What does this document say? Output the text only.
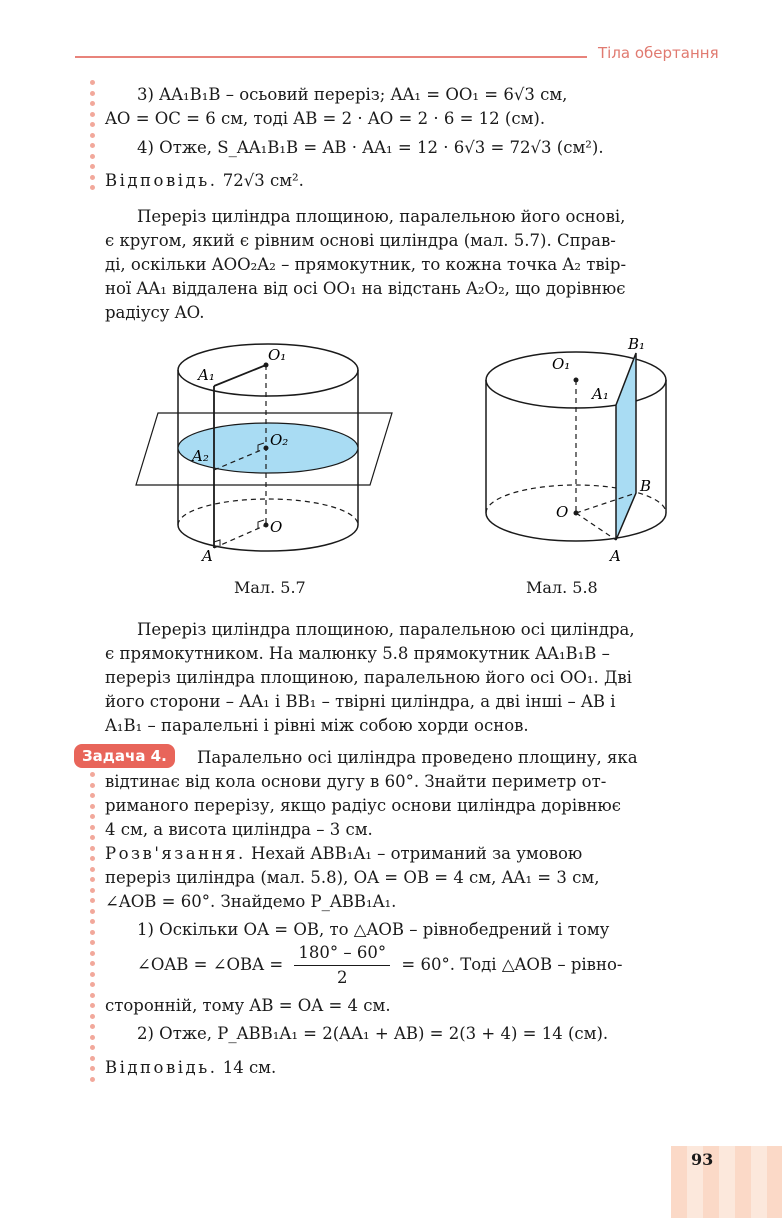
Тіла обертання
3) AA₁B₁B – осьовий переріз; AA₁ = OO₁ = 6√3 см,
AO = OC = 6 см, тоді AB = 2 · AO = 2 · 6 = 12 (см).
4) Отже, S_AA₁B₁B = AB · AA₁ = 12 · 6√3 = 72√3 (см²).
Відповідь. 72√3 см².
Переріз циліндра площиною, паралельною його основі,
є кругом, який є рівним основі циліндра (мал. 5.7). Справ-
ді, оскільки AOO₂A₂ – прямокутник, то кожна точка A₂ твір-
ної AA₁ віддалена від осі OO₁ на відстань A₂O₂, що дорівнює
радіусу AO.
O₁
A₁
O₂
A₂
O
A
Мал. 5.7
B₁
O₁
A₁
B
O
A
Мал. 5.8
Переріз циліндра площиною, паралельною осі циліндра,
є прямокутником. На малюнку 5.8 прямокутник AA₁B₁B –
переріз циліндра площиною, паралельною його осі OO₁. Дві
його сторони – AA₁ і BB₁ – твірні циліндра, а дві інші – AB і
A₁B₁ – паралельні і рівні між собою хорди основ.
Задача 4.	Паралельно осі циліндра проведено площину, яка
відтинає від кола основи дугу в 60°. Знайти периметр от-
риманого перерізу, якщо радіус основи циліндра дорівнює
4 см, а висота циліндра – 3 см.
Розв'язання. Нехай ABB₁A₁ – отриманий за умовою
переріз циліндра (мал. 5.8), OA = OB = 4 см, AA₁ = 3 см,
∠AOB = 60°. Знайдемо P_ABB₁A₁.
1) Оскільки OA = OB, то △AOB – рівнобедрений і тому
∠OAB = ∠OBA = $\frac{180^\circ - 60^\circ}{2} = 60^\circ$. Тоді △AOB – рівно-
сторонній, тому AB = OA = 4 см.
2) Отже, P_ABB₁A₁ = 2(AA₁ + AB) = 2(3 + 4) = 14 (см).
Відповідь. 14 см.
93
